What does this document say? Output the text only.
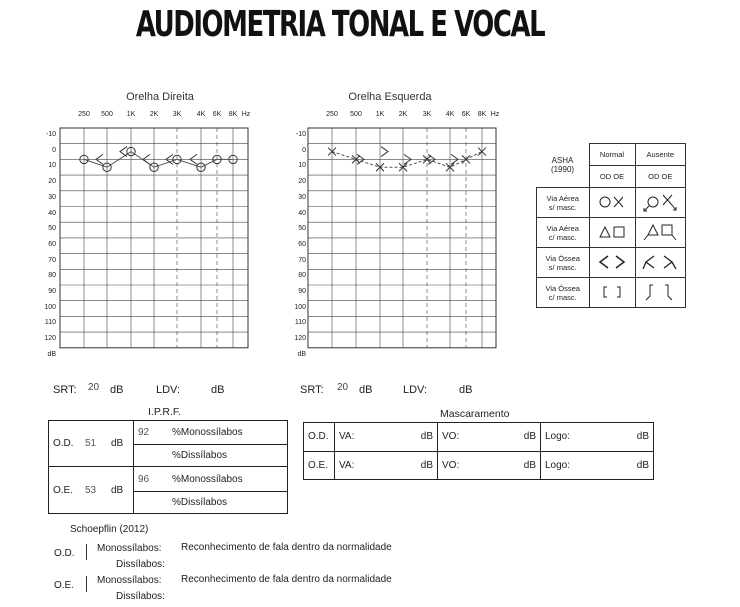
AUDIOMETRIA TONAL E VOCAL
Orelha Direita
250	500	1K	2K	3K	4K	6K	8K Hz
-10
0
10
20
30
40
50
60
70
80
90
100
110
120
dB
Orelha Esquerda
250	500	1K	2K	3K	4K	6K	8K Hz
-10
0
10
20
30
40
50
60
70
80
90
100
110
120
dB
SRT: 20 dB	LDV:	dB	SRT: 20 dB	LDV:	dB
ASHA
(1990)	Normal	Ausente
	OD OE	OD OE
Via Aérea
s/ masc.		
Via Aérea
c/ masc.		
Via Óssea
s/ masc.		
Via Óssea
c/ masc.		
I.P.R.F.
O.D.	51	dB	92	%Monossílabos
				%Dissílabos
O.E.	53	dB	96	%Monossílabos
				%Dissílabos
Mascaramento
O.D.	VA: dB	VO: dB	Logo: dB

O.E.	VA: dB	VO: dB	Logo: dB
Schoepflin (2012)
O.D. Monossílabos: Reconhecimento de fala dentro da normalidade
Dissílabos:
O.E. Monossílabos: Reconhecimento de fala dentro da normalidade
Dissílabos:
